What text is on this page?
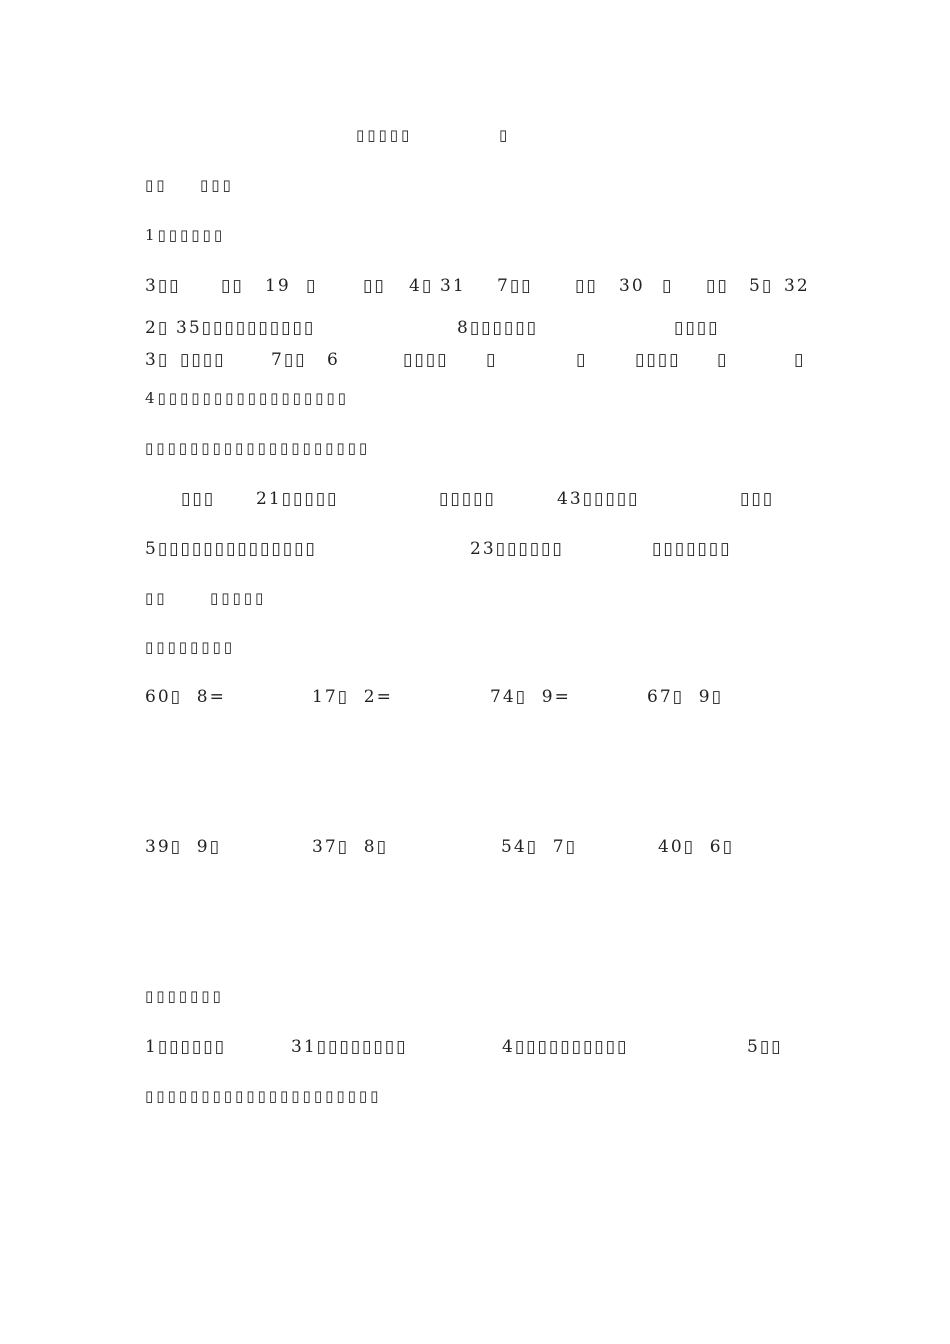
▯▯▯▯▯	▯
▯▯ ▯▯▯
1▯▯▯▯▯▯
3▯▯ ▯▯ 19 ▯	▯▯ 4▯ 31 7▯▯ ▯▯ 30 ▯ ▯▯ 5▯ 32
2▯ 35▯▯▯▯▯▯▯▯▯▯	8▯▯▯▯▯▯	▯▯▯▯
3▯ ▯▯▯▯	7▯▯ 6	▯▯▯▯ ▯	▯	▯▯▯▯ ▯	▯
4▯▯▯▯▯▯▯▯▯▯▯▯▯▯▯▯▯
▯▯▯▯▯▯▯▯▯▯▯▯▯▯▯▯▯▯▯▯
▯▯▯ 21▯▯▯▯▯	▯▯▯▯▯	43▯▯▯▯▯	▯▯▯
5▯▯▯▯▯▯▯▯▯▯▯▯▯▯	23▯▯▯▯▯▯	▯▯▯▯▯▯▯
▯▯	▯▯▯▯▯
▯▯▯▯▯▯▯▯
60▯  8=	17▯  2=	74▯  9=	67▯  9▯
39▯  9▯	37▯  8▯	54▯  7▯	40▯  6▯
▯▯▯▯▯▯▯
1▯▯▯▯▯▯	31▯▯▯▯▯▯▯▯	4▯▯▯▯▯▯▯▯▯▯	5▯▯
▯▯▯▯▯▯▯▯▯▯▯▯▯▯▯▯▯▯▯▯▯
